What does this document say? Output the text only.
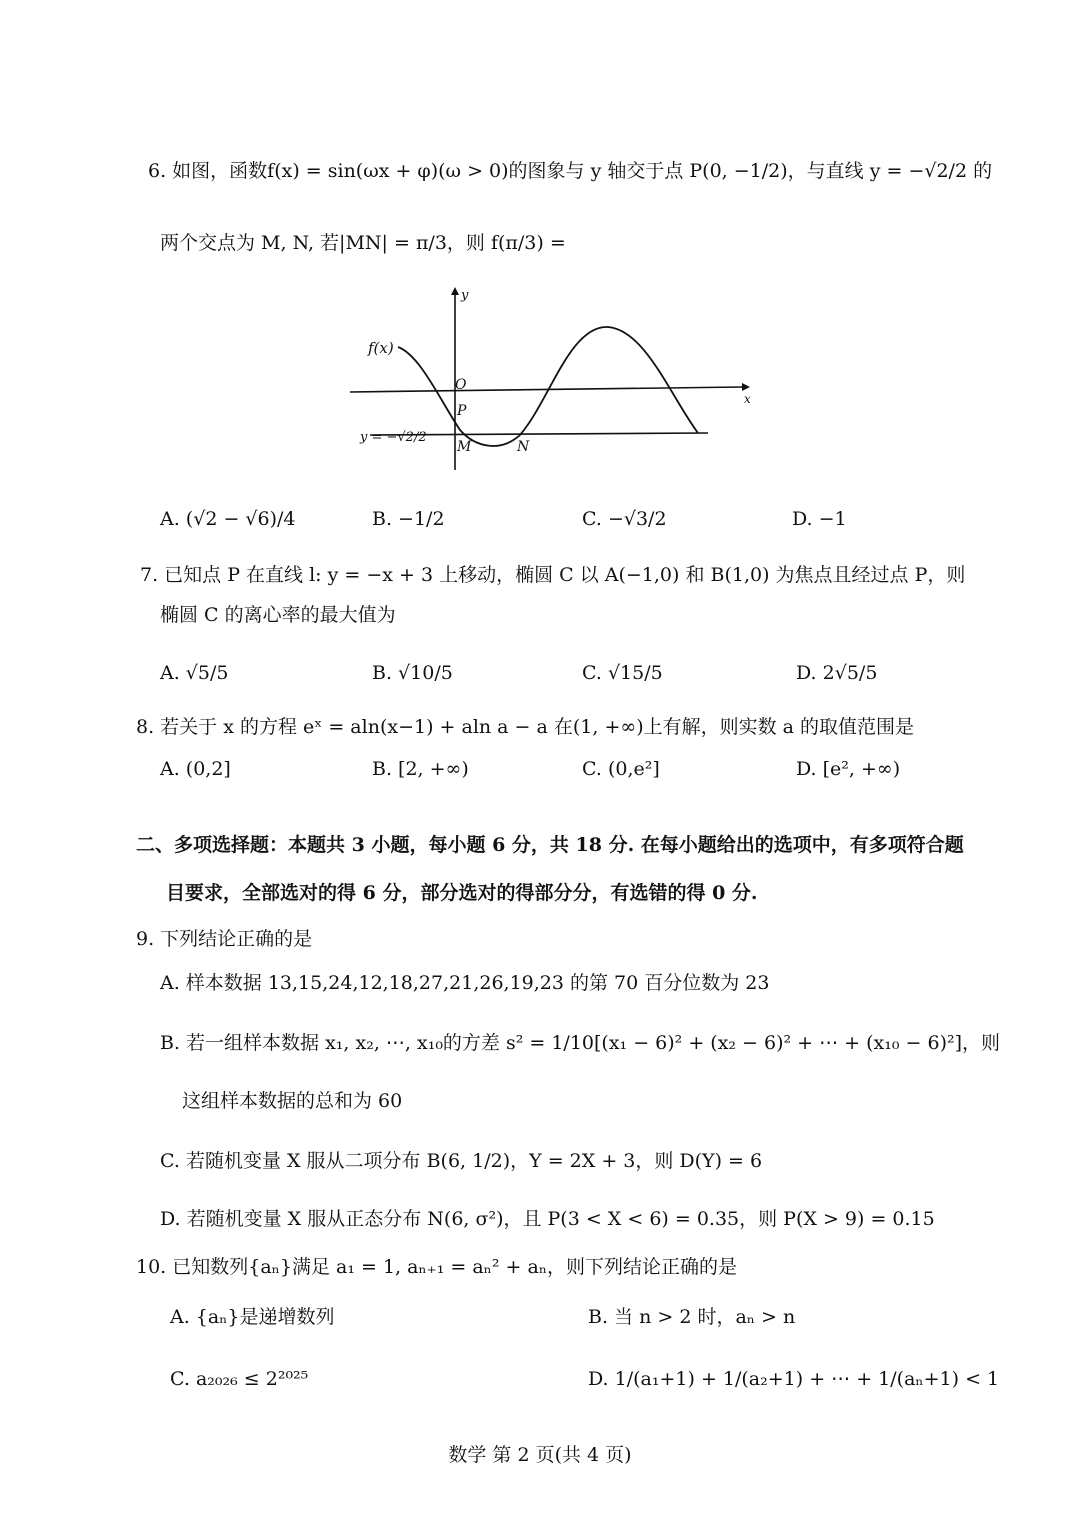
6. 如图，函数f(x) = sin(ωx + φ)(ω > 0)的图象与 y 轴交于点 P(0, −1/2)，与直线 y = −√2/2 的
两个交点为 M, N, 若|MN| = π/3，则 f(π/3) =
f(x)
y
x
O
P
M	N
y = −√2/2
A. (√2 − √6)/4	B. −1/2	C. −√3/2	D. −1
7. 已知点 P 在直线 l: y = −x + 3 上移动，椭圆 C 以 A(−1,0) 和 B(1,0) 为焦点且经过点 P，则
椭圆 C 的离心率的最大值为
A. √5/5	B. √10/5	C. √15/5	D. 2√5/5
8. 若关于 x 的方程 eˣ = aln(x−1) + aln a − a 在(1, +∞)上有解，则实数 a 的取值范围是
A. (0,2]	B. [2, +∞)	C. (0,e²]	D. [e², +∞)
二、多项选择题：本题共 3 小题，每小题 6 分，共 18 分. 在每小题给出的选项中，有多项符合题
目要求，全部选对的得 6 分，部分选对的得部分分，有选错的得 0 分.
9. 下列结论正确的是
A. 样本数据 13,15,24,12,18,27,21,26,19,23 的第 70 百分位数为 23
B. 若一组样本数据 x₁, x₂, ⋯, x₁₀的方差 s² = 1/10[(x₁ − 6)² + (x₂ − 6)² + ⋯ + (x₁₀ − 6)²]，则
这组样本数据的总和为 60
C. 若随机变量 X 服从二项分布 B(6, 1/2)，Y = 2X + 3，则 D(Y) = 6
D. 若随机变量 X 服从正态分布 N(6, σ²)，且 P(3 < X < 6) = 0.35，则 P(X > 9) = 0.15
10. 已知数列{aₙ}满足 a₁ = 1, aₙ₊₁ = aₙ² + aₙ，则下列结论正确的是
A. {aₙ}是递增数列	B. 当 n > 2 时，aₙ > n
C. a₂₀₂₆ ≤ 2²⁰²⁵	D. 1/(a₁+1) + 1/(a₂+1) + ⋯ + 1/(aₙ+1) < 1
数学 第 2 页(共 4 页)
